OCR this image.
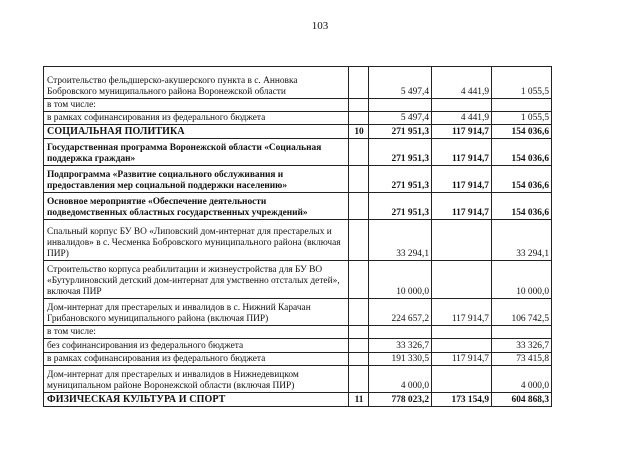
103
Строительство фельдшерско-акушерского пункта в с. Анновка Бобровского муниципального района Воронежской области		5 497,4	4 441,9	1 055,5
в том числе:				
в рамках софинансирования из федерального бюджета		5 497,4	4 441,9	1 055,5
СОЦИАЛЬНАЯ ПОЛИТИКА	10	271 951,3	117 914,7	154 036,6
Государственная программа Воронежской области «Социальная поддержка граждан»		271 951,3	117 914,7	154 036,6
Подпрограмма «Развитие социального обслуживания и предоставления мер социальной поддержки населению»		271 951,3	117 914,7	154 036,6
Основное мероприятие «Обеспечение деятельности подведомственных областных государственных учреждений»		271 951,3	117 914,7	154 036,6
Спальный корпус БУ ВО «Липовский дом-интернат для престарелых и инвалидов» в с. Чесменка Бобровского муниципального района (включая ПИР)		33 294,1		33 294,1
Строительство корпуса реабилитации и жизнеустройства для БУ ВО «Бутурлиновский детский дом-интернат для умственно отсталых детей», включая ПИР		10 000,0		10 000,0
Дом-интернат для престарелых и инвалидов в с. Нижний Карачан Грибановского муниципального района (включая ПИР)		224 657,2	117 914,7	106 742,5
в том числе:				
без софинансирования из федерального бюджета		33 326,7		33 326,7
в рамках софинансирования из федерального бюджета		191 330,5	117 914,7	73 415,8
Дом-интернат для престарелых и инвалидов в Нижнедевицком муниципальном районе Воронежской области (включая ПИР)		4 000,0		4 000,0
ФИЗИЧЕСКАЯ КУЛЬТУРА И СПОРТ	11	778 023,2	173 154,9	604 868,3
